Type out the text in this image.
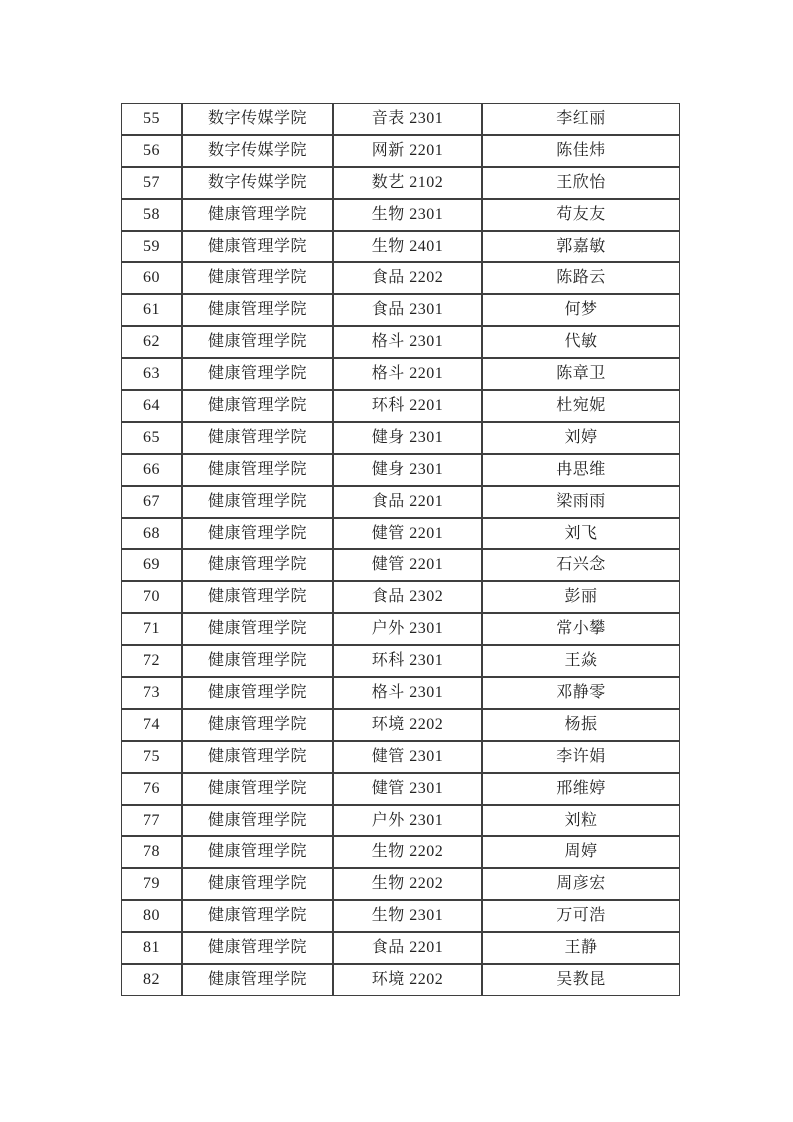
55	数字传媒学院	音表 2301	李红丽
56	数字传媒学院	网新 2201	陈佳炜
57	数字传媒学院	数艺 2102	王欣怡
58	健康管理学院	生物 2301	苟友友
59	健康管理学院	生物 2401	郭嘉敏
60	健康管理学院	食品 2202	陈路云
61	健康管理学院	食品 2301	何梦
62	健康管理学院	格斗 2301	代敏
63	健康管理学院	格斗 2201	陈章卫
64	健康管理学院	环科 2201	杜宛妮
65	健康管理学院	健身 2301	刘婷
66	健康管理学院	健身 2301	冉思维
67	健康管理学院	食品 2201	梁雨雨
68	健康管理学院	健管 2201	刘飞
69	健康管理学院	健管 2201	石兴念
70	健康管理学院	食品 2302	彭丽
71	健康管理学院	户外 2301	常小攀
72	健康管理学院	环科 2301	王焱
73	健康管理学院	格斗 2301	邓静零
74	健康管理学院	环境 2202	杨振
75	健康管理学院	健管 2301	李许娟
76	健康管理学院	健管 2301	邢维婷
77	健康管理学院	户外 2301	刘粒
78	健康管理学院	生物 2202	周婷
79	健康管理学院	生物 2202	周彦宏
80	健康管理学院	生物 2301	万可浩
81	健康管理学院	食品 2201	王静
82	健康管理学院	环境 2202	吴教昆
